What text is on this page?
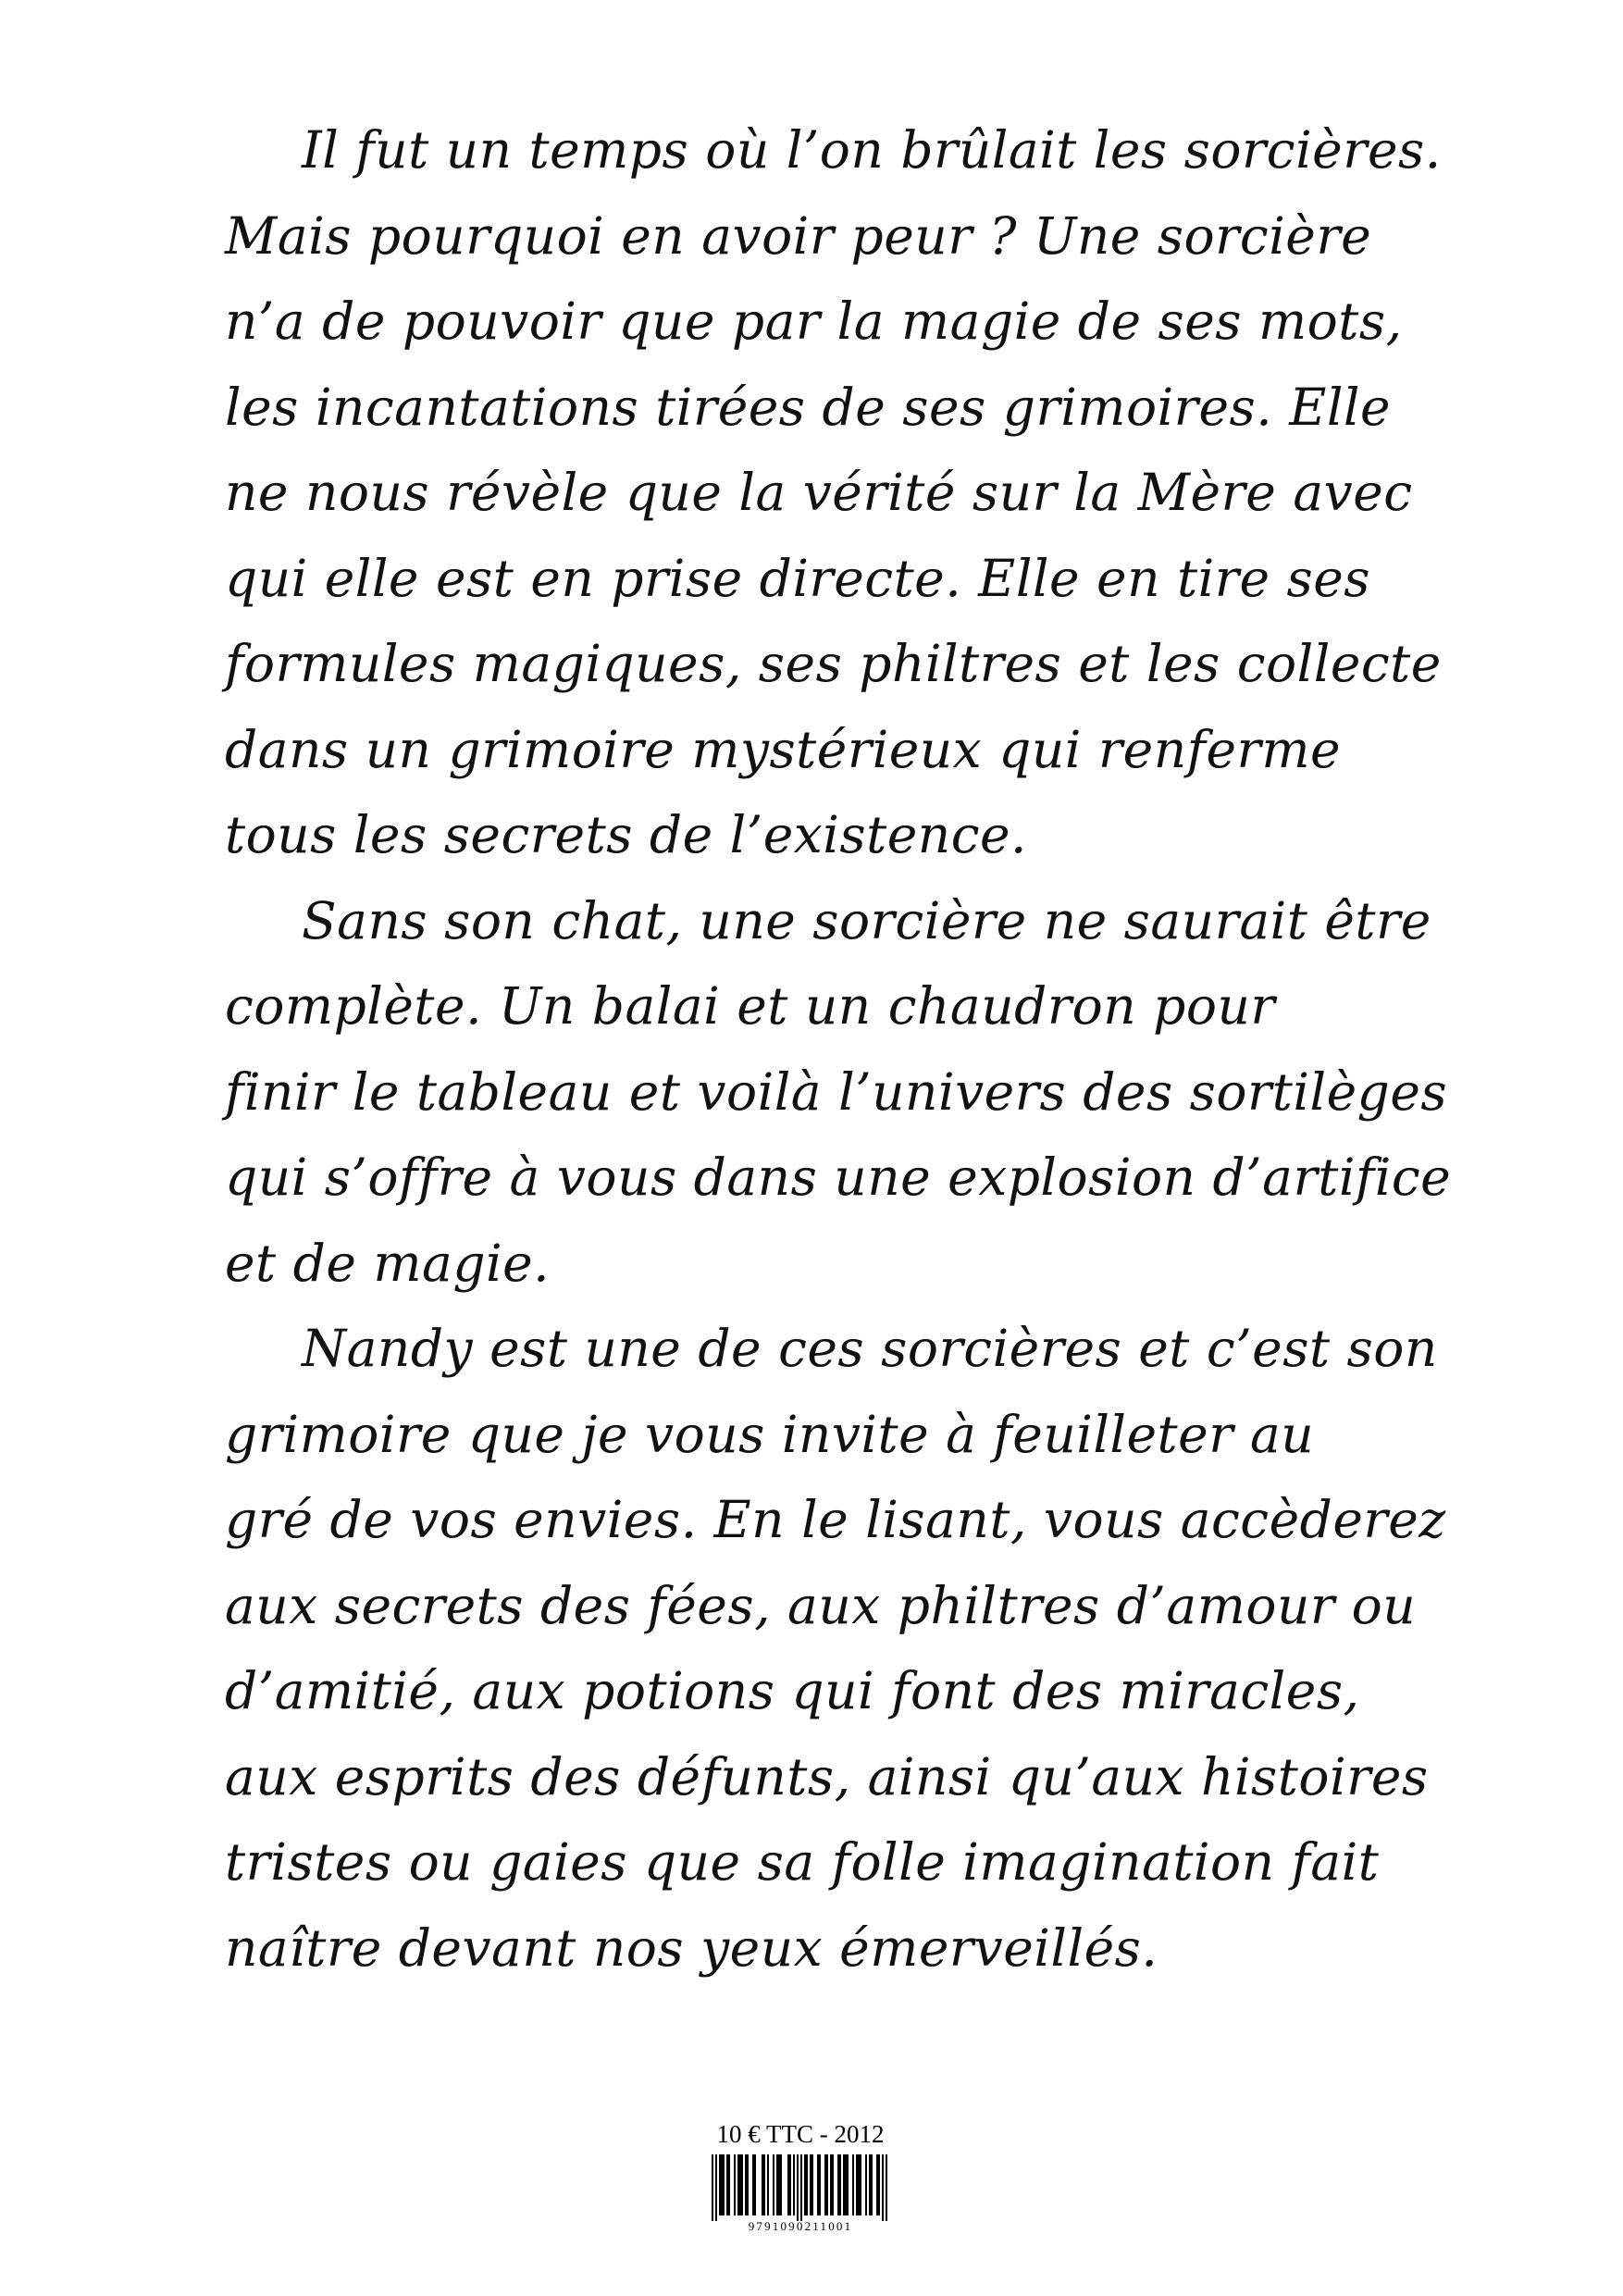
Il fut un temps où l’on brûlait les sorcières.
Mais pourquoi en avoir peur ? Une sorcière
n’a de pouvoir que par la magie de ses mots,
les incantations tirées de ses grimoires. Elle
ne nous révèle que la vérité sur la Mère avec
qui elle est en prise directe. Elle en tire ses
formules magiques, ses philtres et les collecte
dans un grimoire mystérieux qui renferme
tous les secrets de l’existence.
Sans son chat, une sorcière ne saurait être
complète. Un balai et un chaudron pour
finir le tableau et voilà l’univers des sortilèges
qui s’offre à vous dans une explosion d’artifice
et de magie.
Nandy est une de ces sorcières et c’est son
grimoire que je vous invite à feuilleter au
gré de vos envies. En le lisant, vous accèderez
aux secrets des fées, aux philtres d’amour ou
d’amitié, aux potions qui font des miracles,
aux esprits des défunts, ainsi qu’aux histoires
tristes ou gaies que sa folle imagination fait
naître devant nos yeux émerveillés.
10 € TTC - 2012
9791090211001
